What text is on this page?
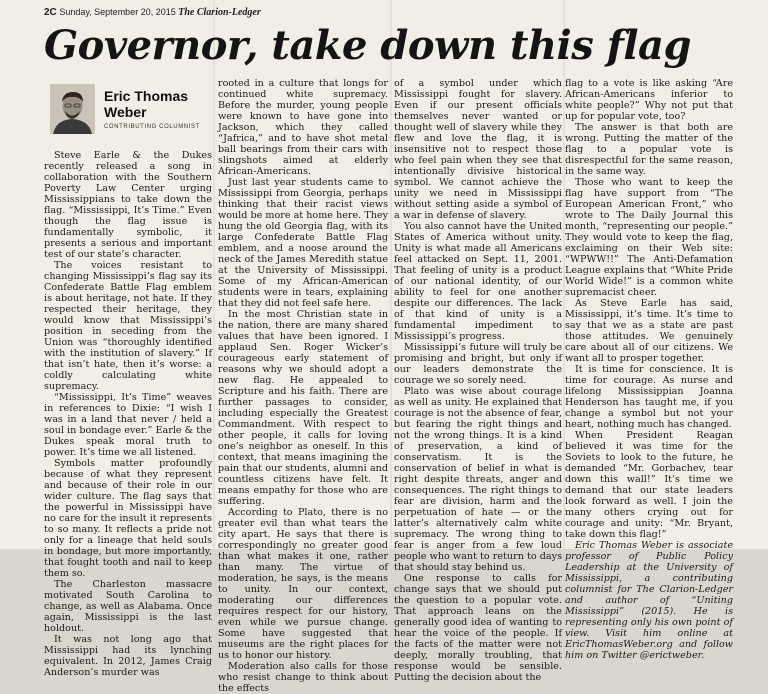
2C Sunday, September 20, 2015 The Clarion-Ledger
Governor, take down this flag
Eric Thomas
Weber
CONTRIBUTING COLUMNIST

Steve Earle & the Dukes recently released a song in collaboration with the Southern Poverty Law Center urging Mississippians to take down the flag. “Mississippi, It’s Time.” Even though the flag issue is fundamentally symbolic, it presents a serious and important test of our state’s character.

The voices resistant to changing Mississippi’s flag say its Confederate Battle Flag emblem is about heritage, not hate. If they respected their heritage, they would know that Mississippi’s position in seceding from the Union was “thoroughly identified with the institution of slavery.” If that isn’t hate, then it’s worse: a coldly calculating white supremacy.

“Mississippi, It’s Time” weaves in references to Dixie: “I wish I was in a land that never / held a soul in bondage ever.” Earle & the Dukes speak moral truth to power. It’s time we all listened.

Symbols matter profoundly because of what they represent and because of their role in our wider culture. The flag says that the powerful in Mississippi have no care for the insult it represents to so many. It reflects a pride not only for a lineage that held souls in bondage, but more importantly, that fought tooth and nail to keep them so.

The Charleston massacre motivated South Carolina to change, as well as Alabama. Once again, Mississippi is the last holdout.

It was not long ago that Mississippi had its lynching equivalent. In 2012, James Craig Anderson’s murder was

rooted in a culture that longs for continued white supremacy. Before the murder, young people were known to have gone into Jackson, which they called “Jafrica,” and to have shot metal ball bearings from their cars with slingshots aimed at elderly African-Americans.

Just last year students came to Mississippi from Georgia, perhaps thinking that their racist views would be more at home here. They hung the old Georgia flag, with its large Confederate Battle Flag emblem, and a noose around the neck of the James Meredith statue at the University of Mississippi. Some of my African-American students were in tears, explaining that they did not feel safe here.

In the most Christian state in the nation, there are many shared values that have been ignored. I applaud Sen. Roger Wicker’s courageous early statement of reasons why we should adopt a new flag. He appealed to Scripture and his faith. There are further passages to consider, including especially the Greatest Commandment. With respect to other people, it calls for loving one’s neighbor as oneself. In this context, that means imagining the pain that our students, alumni and countless citizens have felt. It means empathy for those who are suffering.

According to Plato, there is no greater evil than what tears the city apart. He says that there is correspondingly no greater good than what makes it one, rather than many. The virtue of moderation, he says, is the means to unity. In our context, moderating our differences requires respect for our history, even while we pursue change. Some have suggested that museums are the right places for us to honor our history.

Moderation also calls for those who resist change to think about the effects

of a symbol under which Mississippi fought for slavery. Even if our present officials themselves never wanted or thought well of slavery while they flew and love the flag, it is insensitive not to respect those who feel pain when they see that intentionally divisive historical symbol. We cannot achieve the unity we need in Mississippi without setting aside a symbol of a war in defense of slavery.

You also cannot have the United States of America without unity. Unity is what made all Americans feel attacked on Sept. 11, 2001. That feeling of unity is a product of our national identity, of our ability to feel for one another despite our differences. The lack of that kind of unity is a fundamental impediment to Mississippi’s progress.

Mississippi’s future will truly be promising and bright, but only if our leaders demonstrate the courage we so sorely need.

Plato was wise about courage as well as unity. He explained that courage is not the absence of fear, but fearing the right things and not the wrong things. It is a kind of preservation, a kind of conservatism. It is the conservation of belief in what is right despite threats, anger and consequences. The right things to fear are division, harm and the perpetuation of hate — or the latter’s alternatively calm white supremacy. The wrong thing to fear is anger from a few loud people who want to return to days that should stay behind us.

One response to calls for change says that we should put the question to a popular vote. That approach leans on the generally good idea of wanting to hear the voice of the people. If the facts of the matter were not deeply, morally troubling, that response would be sensible. Putting the decision about the

flag to a vote is like asking “Are African-Americans inferior to white people?” Why not put that up for popular vote, too?

The answer is that both are wrong. Putting the matter of the flag to a popular vote is disrespectful for the same reason, in the same way.

Those who want to keep the flag have support from “The European American Front,” who wrote to The Daily Journal this month, “representing our people.” They would vote to keep the flag, exclaiming on their Web site: “WPWW!!” The Anti-Defamation League explains that “White Pride World Wide!” is a common white supremacist cheer.

As Steve Earle has said, Mississippi, it’s time. It’s time to say that we as a state are past those attitudes. We genuinely care about all of our citizens. We want all to prosper together.

It is time for conscience. It is time for courage. As nurse and lifelong Mississippian Joanna Henderson has taught me, if you change a symbol but not your heart, nothing much has changed.

When President Reagan believed it was time for the Soviets to look to the future, he demanded “Mr. Gorbachev, tear down this wall!” It’s time we demand that our state leaders look forward as well. I join the many others crying out for courage and unity: “Mr. Bryant, take down this flag!”

Eric Thomas Weber is associate professor of Public Policy Leadership at the University of Mississippi, a contributing columnist for The Clarion-Ledger and author of “Uniting Mississippi” (2015). He is representing only his own point of view. Visit him online at EricThomasWeber.org and follow him on Twitter @erictweber.
